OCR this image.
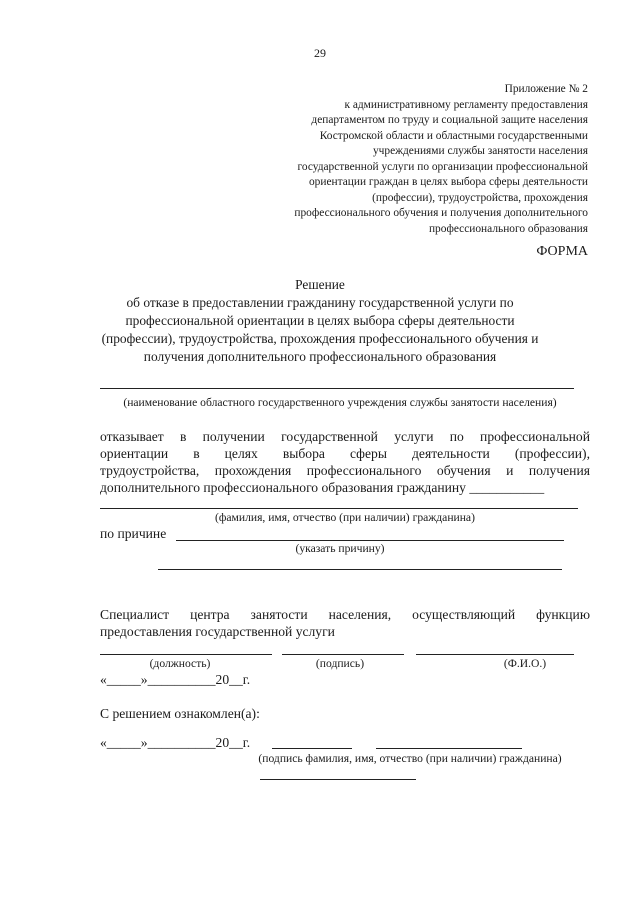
29
Приложение № 2
к административному регламенту предоставления
департаментом по труду и социальной защите населения
Костромской области и областными государственными
учреждениями службы занятости населения
государственной услуги по организации профессиональной
ориентации граждан в целях выбора сферы деятельности
(профессии), трудоустройства, прохождения
профессионального обучения и получения дополнительного
профессионального образования
ФОРМА
Решение
об отказе в предоставлении гражданину государственной услуги по
профессиональной ориентации в целях выбора сферы деятельности
(профессии), трудоустройства, прохождения профессионального обучения и
получения дополнительного профессионального образования
(наименование областного государственного учреждения службы занятости населения)
отказывает в получении государственной услуги по профессиональной
ориентации в целях выбора сферы деятельности (профессии),
трудоустройства, прохождения профессионального обучения и получения
дополнительного профессионального образования гражданину ___________
(фамилия, имя, отчество (при наличии) гражданина)
по причине
(указать причину)
Специалист центра занятости населения, осуществляющий функцию
предоставления государственной услуги
(должность)	(подпись)	(Ф.И.О.)
«_____»__________20__г.
С решением ознакомлен(а):
«_____»__________20__г.
(подпись фамилия, имя, отчество (при наличии) гражданина)
